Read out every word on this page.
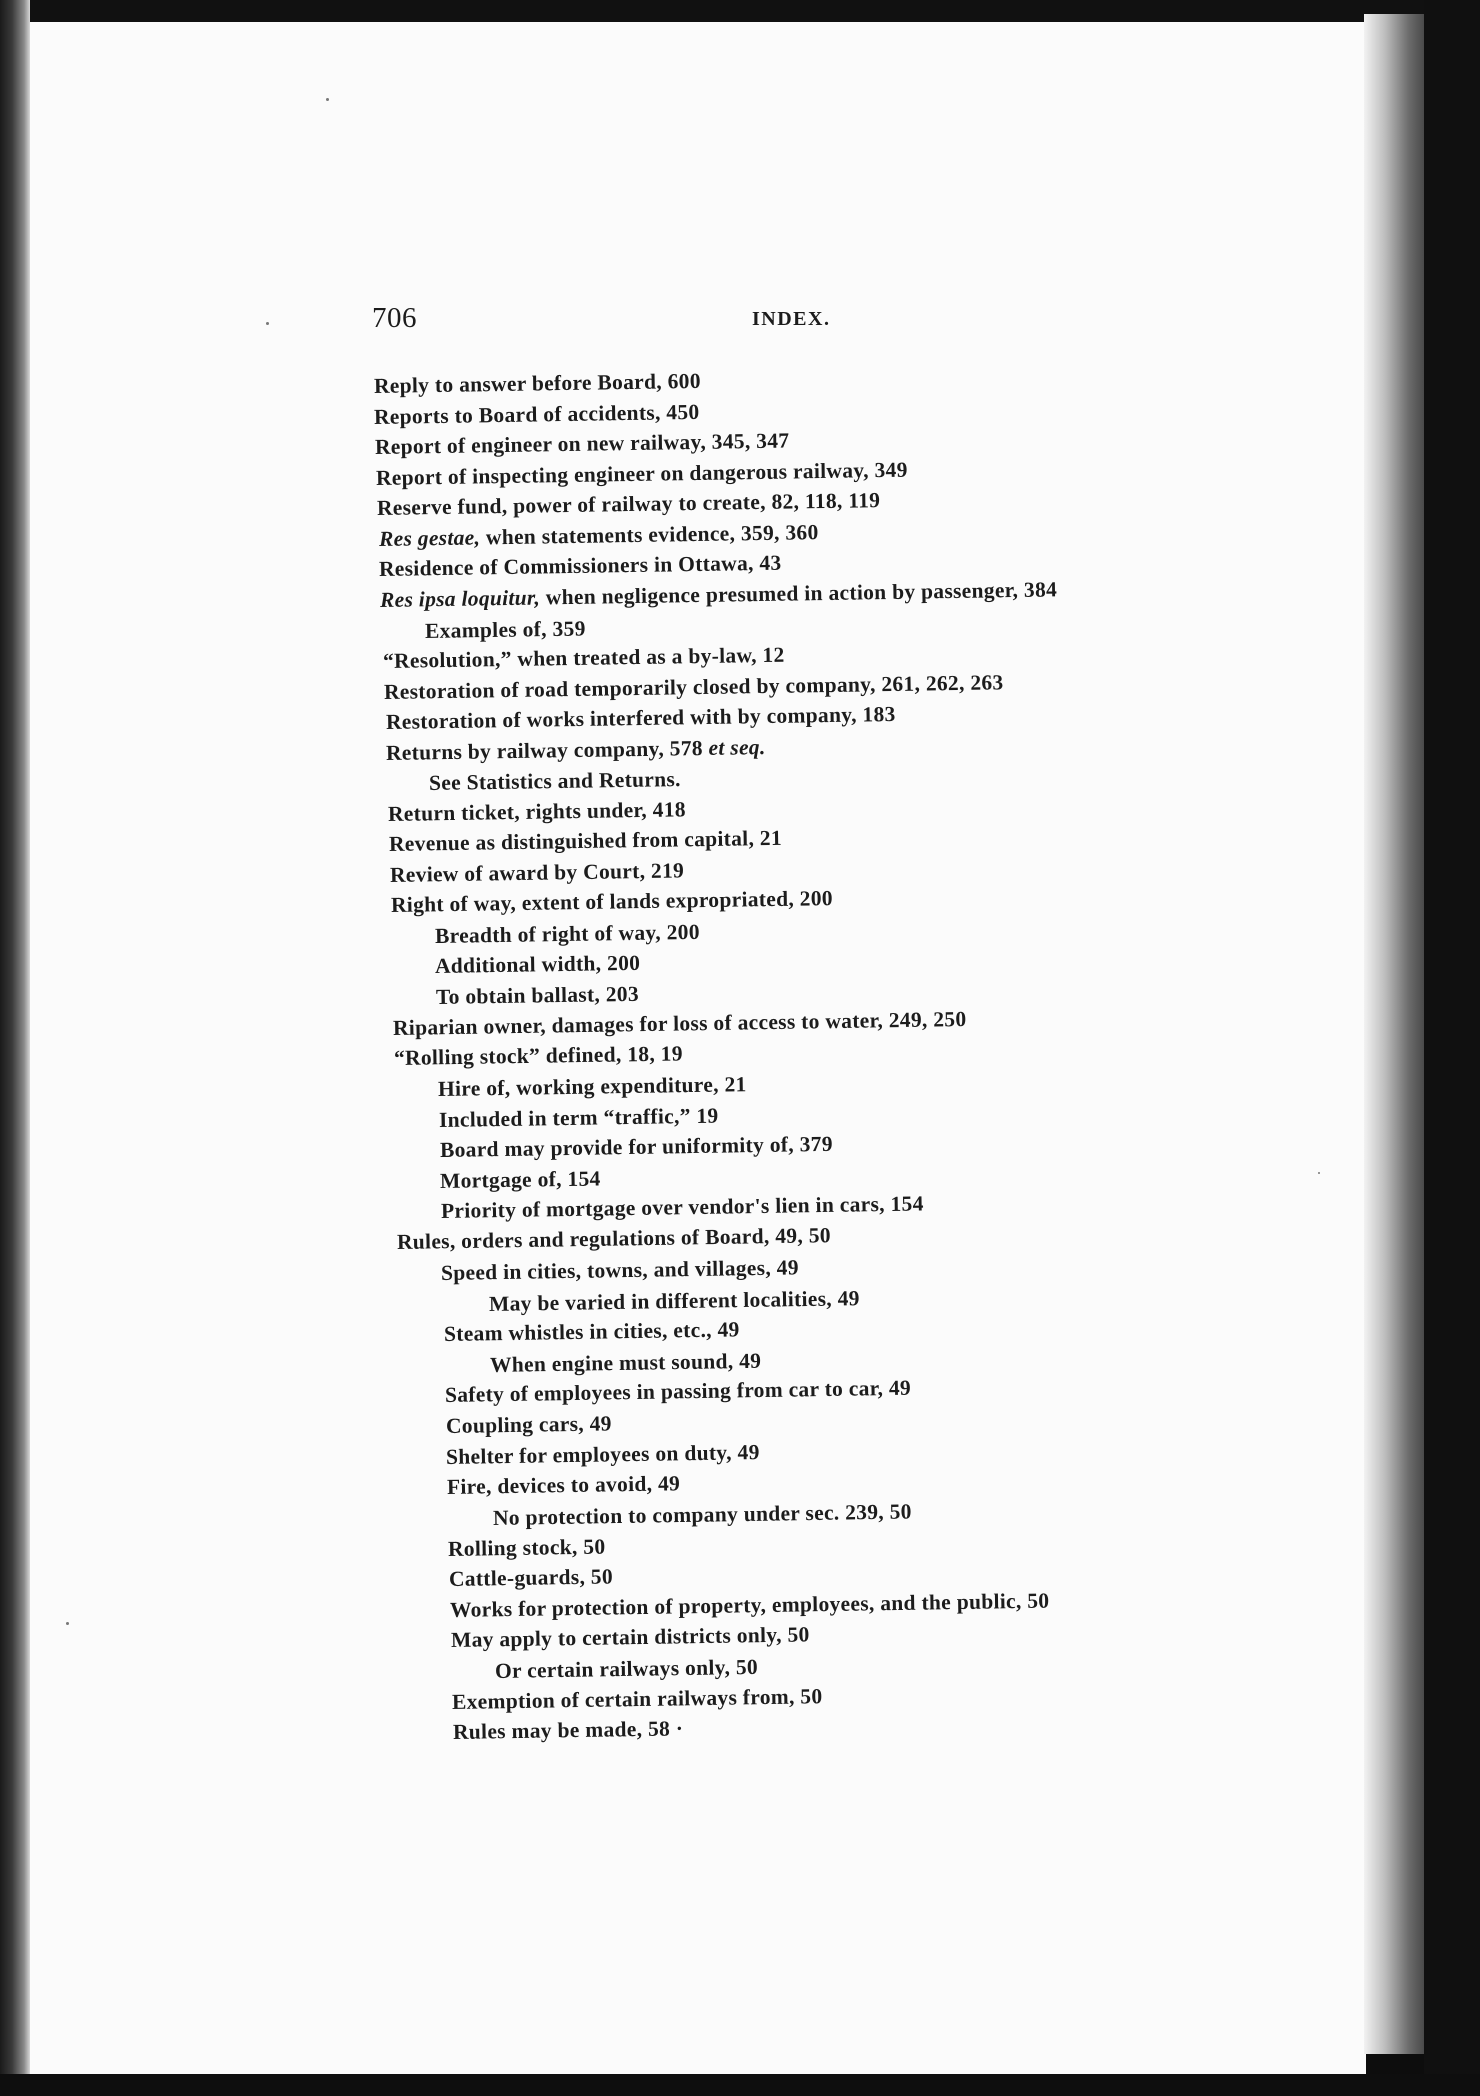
706	INDEX.
Reply to answer before Board, 600
Reports to Board of accidents, 450
Report of engineer on new railway, 345, 347
Report of inspecting engineer on dangerous railway, 349
Reserve fund, power of railway to create, 82, 118, 119
Res gestae, when statements evidence, 359, 360
Residence of Commissioners in Ottawa, 43
Res ipsa loquitur, when negligence presumed in action by passenger, 384
Examples of, 359
“Resolution,” when treated as a by-law, 12
Restoration of road temporarily closed by company, 261, 262, 263
Restoration of works interfered with by company, 183
Returns by railway company, 578 et seq.
See Statistics and Returns.
Return ticket, rights under, 418
Revenue as distinguished from capital, 21
Review of award by Court, 219
Right of way, extent of lands expropriated, 200
Breadth of right of way, 200
Additional width, 200
To obtain ballast, 203
Riparian owner, damages for loss of access to water, 249, 250
“Rolling stock” defined, 18, 19
Hire of, working expenditure, 21
Included in term “traffic,” 19
Board may provide for uniformity of, 379
Mortgage of, 154
Priority of mortgage over vendor's lien in cars, 154
Rules, orders and regulations of Board, 49, 50
Speed in cities, towns, and villages, 49
May be varied in different localities, 49
Steam whistles in cities, etc., 49
When engine must sound, 49
Safety of employees in passing from car to car, 49
Coupling cars, 49
Shelter for employees on duty, 49
Fire, devices to avoid, 49
No protection to company under sec. 239, 50
Rolling stock, 50
Cattle-guards, 50
Works for protection of property, employees, and the public, 50
May apply to certain districts only, 50
Or certain railways only, 50
Exemption of certain railways from, 50
Rules may be made, 58 ·
